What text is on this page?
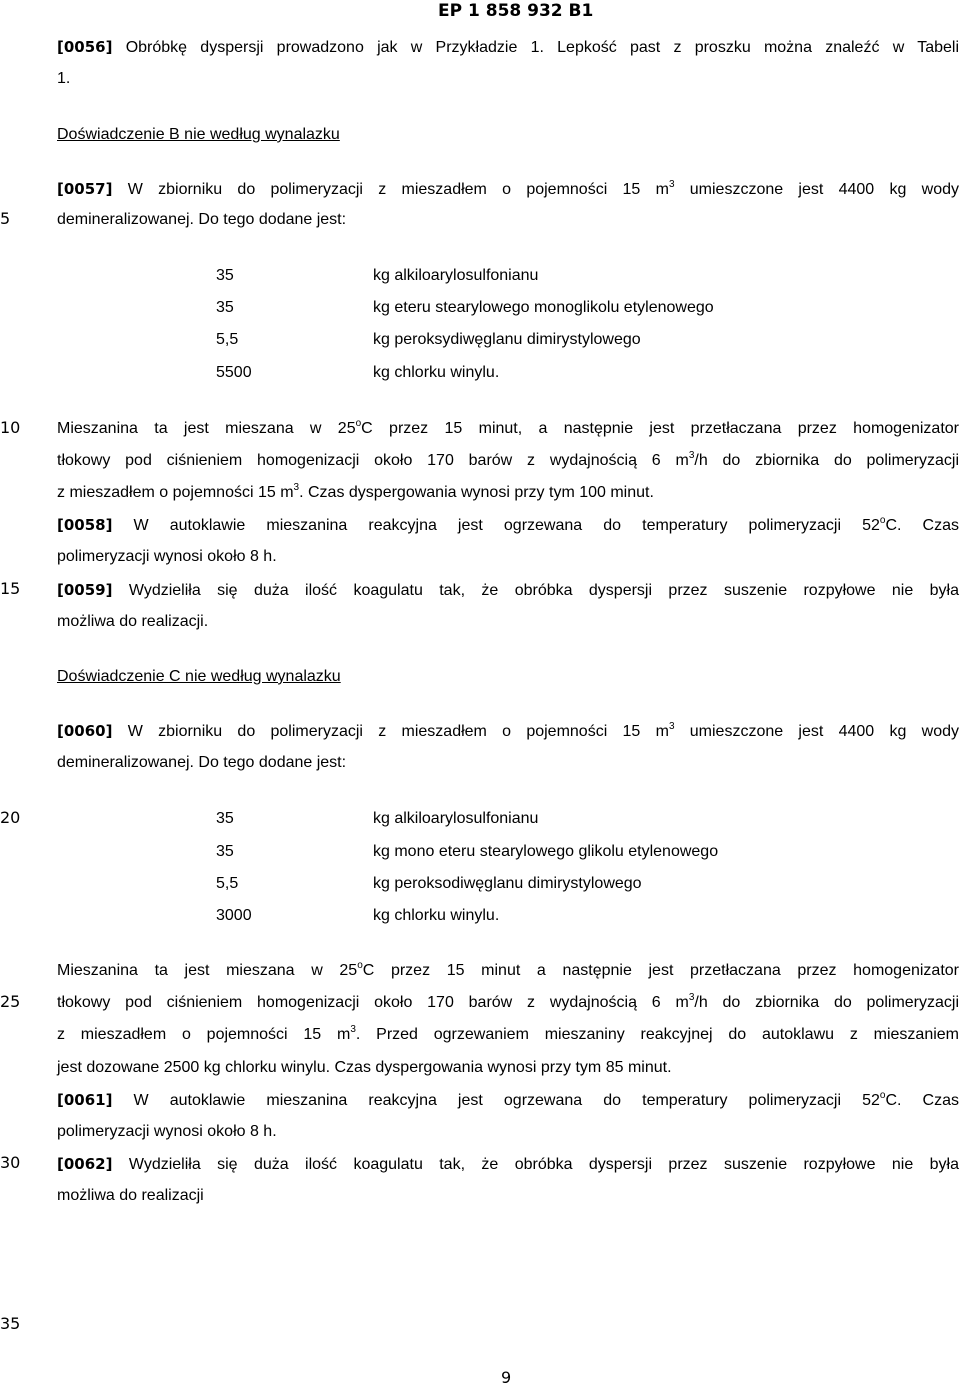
EP 1 858 932 B1
5
10
15
20
25
30
35
[0056] Obróbkę dyspersji prowadzono jak w Przykładzie 1. Lepkość past z proszku można znaleźć w Tabeli
1.
Doświadczenie B nie według wynalazku
[0057] W zbiorniku do polimeryzacji z mieszadłem o pojemności 15 $m^3$ umieszczone jest 4400 kg wody
demineralizowanej. Do tego dodane jest:
35	kg alkiloarylosulfonianu
35	kg eteru stearylowego monoglikolu etylenowego
5,5	kg peroksydiwęglanu dimirystylowego
5500	kg chlorku winylu.
Mieszanina ta jest mieszana w 25$^o$C przez 15 minut, a następnie jest przetłaczana przez homogenizator
tłokowy pod ciśnieniem homogenizacji około 170 barów z wydajnością 6 $m^3/h$ do zbiornika do polimeryzacji
z mieszadłem o pojemności 15 $m^3$. Czas dyspergowania wynosi przy tym 100 minut.
[0058] W autoklawie mieszanina reakcyjna jest ogrzewana do temperatury polimeryzacji 52$^o$C. Czas
polimeryzacji wynosi około 8 h.
[0059] Wydzieliła się duża ilość koagulatu tak, że obróbka dyspersji przez suszenie rozpyłowe nie była
możliwa do realizacji.
Doświadczenie C nie według wynalazku
[0060] W zbiorniku do polimeryzacji z mieszadłem o pojemności 15 $m^3$ umieszczone jest 4400 kg wody
demineralizowanej. Do tego dodane jest:
35	kg alkiloarylosulfonianu
35	kg mono eteru stearylowego glikolu etylenowego
5,5	kg peroksodiwęglanu dimirystylowego
3000	kg chlorku winylu.
Mieszanina ta jest mieszana w 25$^o$C przez 15 minut a następnie jest przetłaczana przez homogenizator
tłokowy pod ciśnieniem homogenizacji około 170 barów z wydajnością 6 $m^3/h$ do zbiornika do polimeryzacji
z mieszadłem o pojemności 15 $m^3$. Przed ogrzewaniem mieszaniny reakcyjnej do autoklawu z mieszaniem
jest dozowane 2500 kg chlorku winylu. Czas dyspergowania wynosi przy tym 85 minut.
[0061] W autoklawie mieszanina reakcyjna jest ogrzewana do temperatury polimeryzacji 52$^o$C. Czas
polimeryzacji wynosi około 8 h.
[0062] Wydzieliła się duża ilość koagulatu tak, że obróbka dyspersji przez suszenie rozpyłowe nie była
możliwa do realizacji
9
